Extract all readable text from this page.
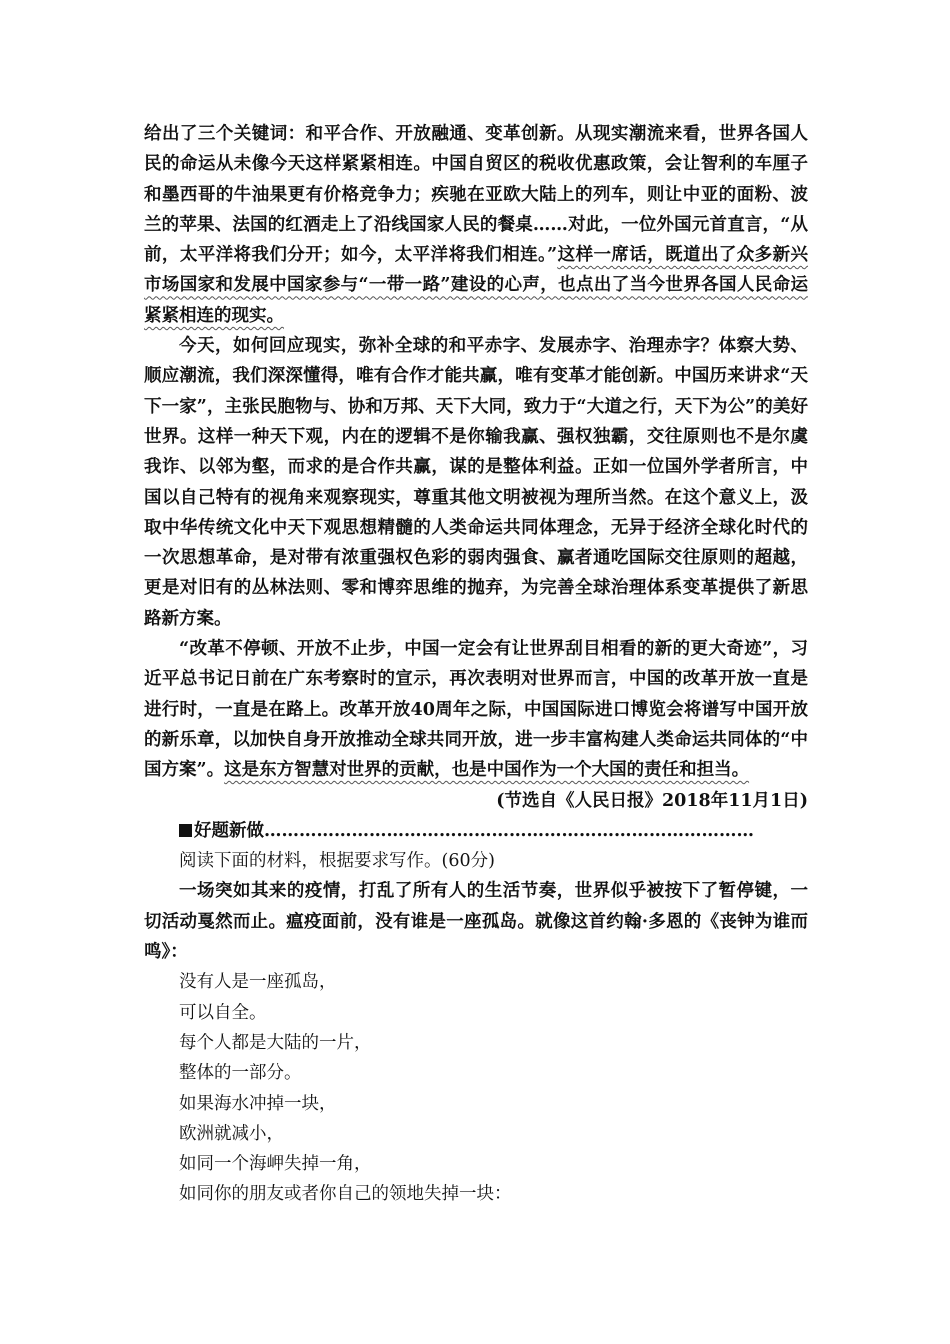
给出了三个关键词：和平合作、开放融通、变革创新。从现实潮流来看，世界各国人民的命运从未像今天这样紧紧相连。中国自贸区的税收优惠政策，会让智利的车厘子和墨西哥的牛油果更有价格竞争力；疾驰在亚欧大陆上的列车，则让中亚的面粉、波兰的苹果、法国的红酒走上了沿线国家人民的餐桌……对此，一位外国元首直言，“从前，太平洋将我们分开；如今，太平洋将我们相连。”这样一席话，既道出了众多新兴市场国家和发展中国家参与“一带一路”建设的心声，也点出了当今世界各国人民命运紧紧相连的现实。

今天，如何回应现实，弥补全球的和平赤字、发展赤字、治理赤字？体察大势、顺应潮流，我们深深懂得，唯有合作才能共赢，唯有变革才能创新。中国历来讲求“天下一家”，主张民胞物与、协和万邦、天下大同，致力于“大道之行，天下为公”的美好世界。这样一种天下观，内在的逻辑不是你输我赢、强权独霸，交往原则也不是尔虞我诈、以邻为壑，而求的是合作共赢，谋的是整体利益。正如一位国外学者所言，中国以自己特有的视角来观察现实，尊重其他文明被视为理所当然。在这个意义上，汲取中华传统文化中天下观思想精髓的人类命运共同体理念，无异于经济全球化时代的一次思想革命，是对带有浓重强权色彩的弱肉强食、赢者通吃国际交往原则的超越，更是对旧有的丛林法则、零和博弈思维的抛弃，为完善全球治理体系变革提供了新思路新方案。

“改革不停顿、开放不止步，中国一定会有让世界刮目相看的新的更大奇迹”，习近平总书记日前在广东考察时的宣示，再次表明对世界而言，中国的改革开放一直是进行时，一直是在路上。改革开放40周年之际，中国国际进口博览会将谱写中国开放的新乐章，以加快自身开放推动全球共同开放，进一步丰富构建人类命运共同体的“中国方案”。这是东方智慧对世界的贡献，也是中国作为一个大国的责任和担当。

(节选自《人民日报》2018年11月1日)

好题新做…………………………………………………………………………

阅读下面的材料，根据要求写作。(60分)

一场突如其来的疫情，打乱了所有人的生活节奏，世界似乎被按下了暂停键，一切活动戛然而止。瘟疫面前，没有谁是一座孤岛。就像这首约翰·多恩的《丧钟为谁而鸣》：

没有人是一座孤岛，

可以自全。

每个人都是大陆的一片，

整体的一部分。

如果海水冲掉一块，

欧洲就减小，

如同一个海岬失掉一角，

如同你的朋友或者你自己的领地失掉一块：
